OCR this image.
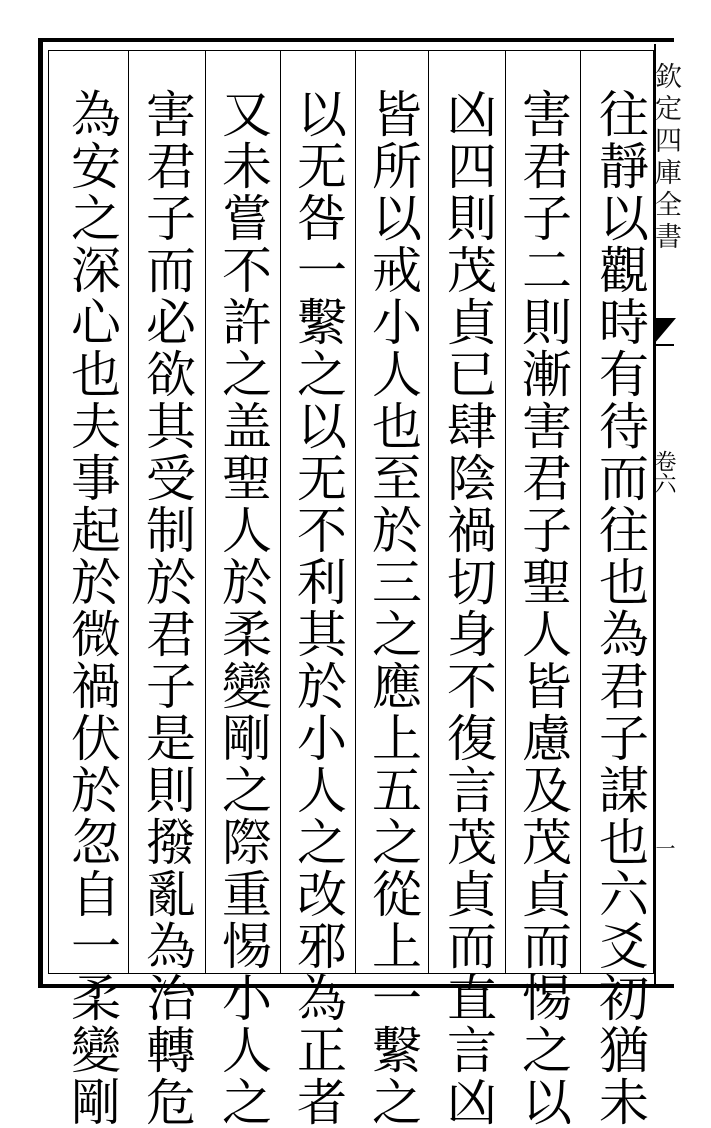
欽定四庫全書
卷六
一
往靜以觀時有待而往也為君子謀也六爻初猶未
害君子二則漸害君子聖人皆慮及茂貞而惕之以
凶四則茂貞已肆陰禍切身不復言茂貞而直言凶
皆所以戒小人也至於三之應上五之從上一繫之
以无咎一繫之以无不利其於小人之改邪為正者
又未嘗不許之盖聖人於柔變剛之際重惕小人之
害君子而必欲其受制於君子是則撥亂為治轉危
為安之深心也夫事起於微禍伏於忽自一柔變剛
